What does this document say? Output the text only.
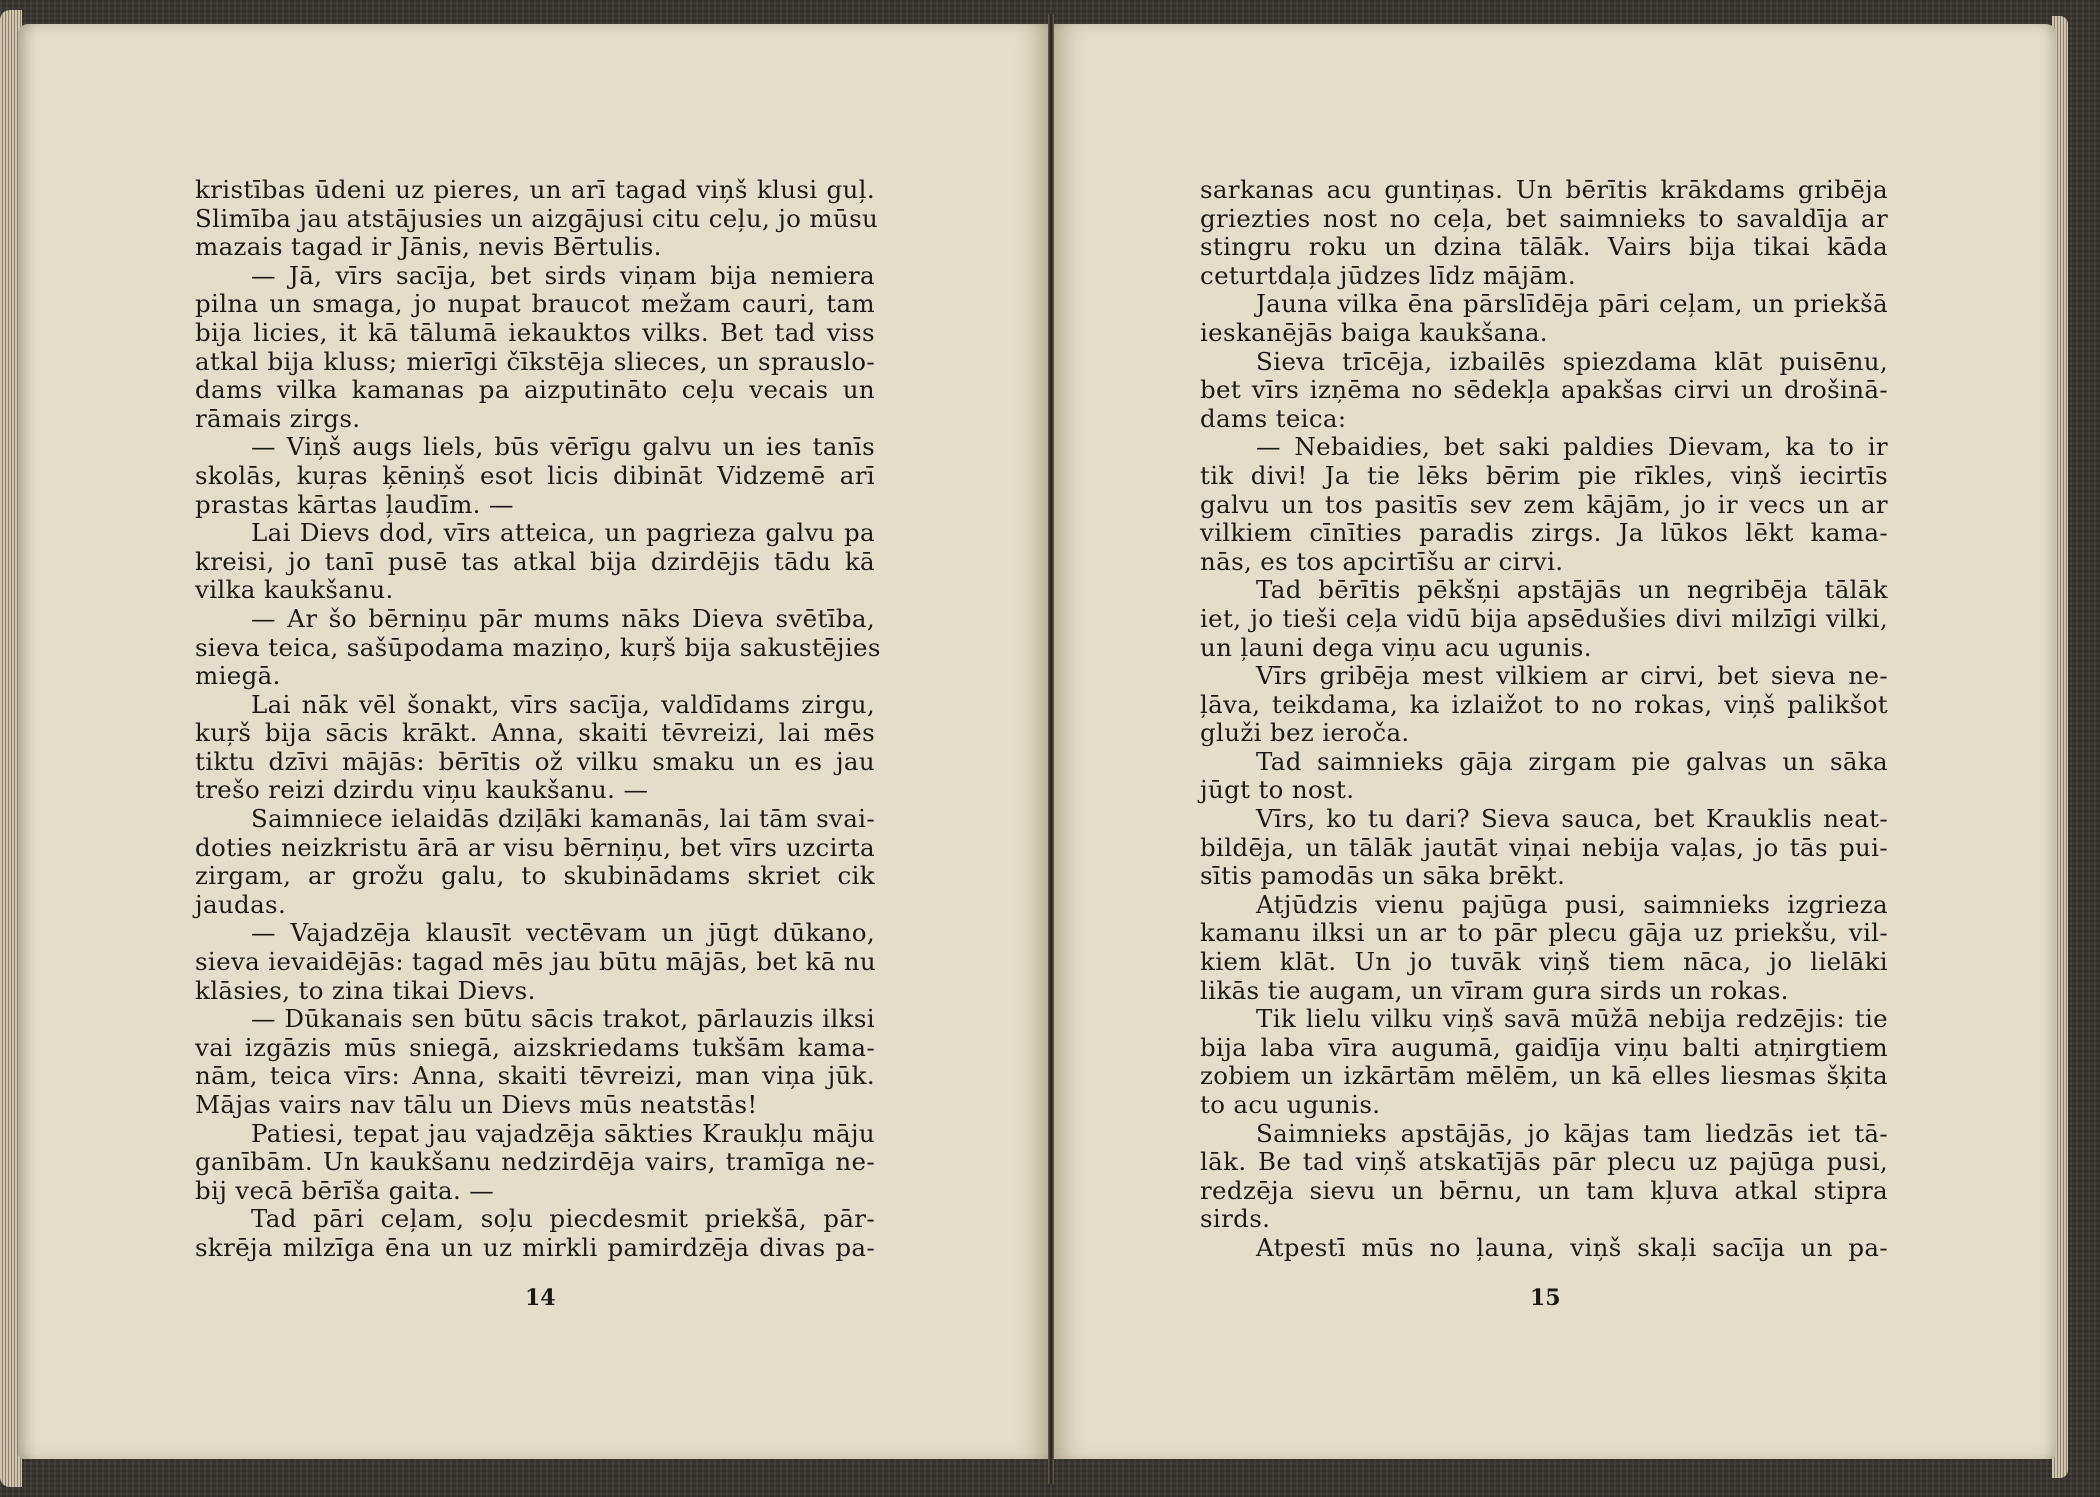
kristības ūdeni uz pieres, un arī tagad viņš klusi guļ.
Slimība jau atstājusies un aizgājusi citu ceļu, jo mūsu
mazais tagad ir Jānis, nevis Bērtulis.
— Jā, vīrs sacīja, bet sirds viņam bija nemiera
pilna un smaga, jo nupat braucot mežam cauri, tam
bija licies, it kā tālumā iekauktos vilks. Bet tad viss
atkal bija kluss; mierīgi čīkstēja slieces, un sprauslo-
dams vilka kamanas pa aizputināto ceļu vecais un
rāmais zirgs.
— Viņš augs liels, būs vērīgu galvu un ies tanīs
skolās, kuŗas ķēniņš esot licis dibināt Vidzemē arī
prastas kārtas ļaudīm. —
Lai Dievs dod, vīrs atteica, un pagrieza galvu pa
kreisi, jo tanī pusē tas atkal bija dzirdējis tādu kā
vilka kaukšanu.
— Ar šo bērniņu pār mums nāks Dieva svētība,
sieva teica, sašūpodama maziņo, kuŗš bija sakustējies
miegā.
Lai nāk vēl šonakt, vīrs sacīja, valdīdams zirgu,
kuŗš bija sācis krākt. Anna, skaiti tēvreizi, lai mēs
tiktu dzīvi mājās: bērītis ož vilku smaku un es jau
trešo reizi dzirdu viņu kaukšanu. —
Saimniece ielaidās dziļāki kamanās, lai tām svai-
doties neizkristu ārā ar visu bērniņu, bet vīrs uzcirta
zirgam, ar grožu galu, to skubinādams skriet cik
jaudas.
— Vajadzēja klausīt vectēvam un jūgt dūkano,
sieva ievaidējās: tagad mēs jau būtu mājās, bet kā nu
klāsies, to zina tikai Dievs.
— Dūkanais sen būtu sācis trakot, pārlauzis ilksi
vai izgāzis mūs sniegā, aizskriedams tukšām kama-
nām, teica vīrs: Anna, skaiti tēvreizi, man viņa jūk.
Mājas vairs nav tālu un Dievs mūs neatstās!
Patiesi, tepat jau vajadzēja sākties Kraukļu māju
ganībām. Un kaukšanu nedzirdēja vairs, tramīga ne-
bij vecā bērīša gaita. —
Tad pāri ceļam, soļu piecdesmit priekšā, pār-
skrēja milzīga ēna un uz mirkli pamirdzēja divas pa-
sarkanas acu guntiņas. Un bērītis krākdams gribēja
griezties nost no ceļa, bet saimnieks to savaldīja ar
stingru roku un dzina tālāk. Vairs bija tikai kāda
ceturtdaļa jūdzes līdz mājām.
Jauna vilka ēna pārslīdēja pāri ceļam, un priekšā
ieskanējās baiga kaukšana.
Sieva trīcēja, izbailēs spiezdama klāt puisēnu,
bet vīrs izņēma no sēdekļa apakšas cirvi un drošinā-
dams teica:
— Nebaidies, bet saki paldies Dievam, ka to ir
tik divi! Ja tie lēks bērim pie rīkles, viņš iecirtīs
galvu un tos pasitīs sev zem kājām, jo ir vecs un ar
vilkiem cīnīties paradis zirgs. Ja lūkos lēkt kama-
nās, es tos apcirtīšu ar cirvi.
Tad bērītis pēkšņi apstājās un negribēja tālāk
iet, jo tieši ceļa vidū bija apsēdušies divi milzīgi vilki,
un ļauni dega viņu acu ugunis.
Vīrs gribēja mest vilkiem ar cirvi, bet sieva ne-
ļāva, teikdama, ka izlaižot to no rokas, viņš palikšot
gluži bez ieroča.
Tad saimnieks gāja zirgam pie galvas un sāka
jūgt to nost.
Vīrs, ko tu dari? Sieva sauca, bet Krauklis neat-
bildēja, un tālāk jautāt viņai nebija vaļas, jo tās pui-
sītis pamodās un sāka brēkt.
Atjūdzis vienu pajūga pusi, saimnieks izgrieza
kamanu ilksi un ar to pār plecu gāja uz priekšu, vil-
kiem klāt. Un jo tuvāk viņš tiem nāca, jo lielāki
likās tie augam, un vīram gura sirds un rokas.
Tik lielu vilku viņš savā mūžā nebija redzējis: tie
bija laba vīra augumā, gaidīja viņu balti atņirgtiem
zobiem un izkārtām mēlēm, un kā elles liesmas šķita
to acu ugunis.
Saimnieks apstājās, jo kājas tam liedzās iet tā-
lāk. Be tad viņš atskatījās pār plecu uz pajūga pusi,
redzēja sievu un bērnu, un tam kļuva atkal stipra
sirds.
Atpestī mūs no ļauna, viņš skaļi sacīja un pa-
14	15
